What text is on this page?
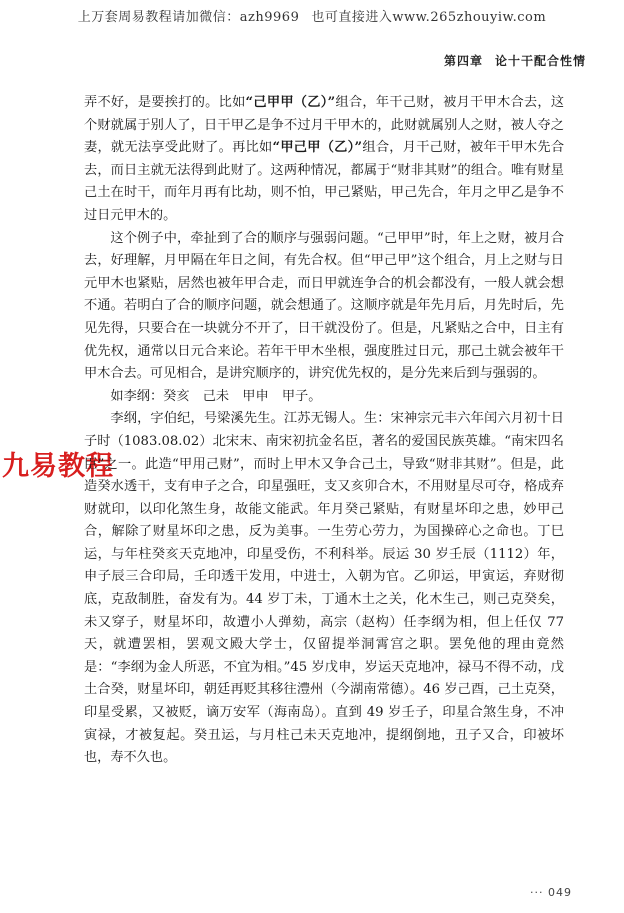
上万套周易教程请加微信：azh9969 也可直接进入www.265zhouyiw.com
第四章 论十干配合性情
九易教程

弄不好，是要挨打的。比如“己甲甲（乙）”组合，年干己财，被月干甲木合去，这个财就属于别人了，日干甲乙是争不过月干甲木的，此财就属别人之财，被人夺之妻，就无法享受此财了。再比如“甲己甲（乙）”组合，月干己财，被年干甲木先合去，而日主就无法得到此财了。这两种情况，都属于“财非其财”的组合。唯有财星己土在时干，而年月再有比劫，则不怕，甲己紧贴，甲己先合，年月之甲乙是争不过日元甲木的。

这个例子中，牵扯到了合的顺序与强弱问题。“己甲甲”时，年上之财，被月合去，好理解，月甲隔在年日之间，有先合权。但“甲己甲”这个组合，月上之财与日元甲木也紧贴，居然也被年甲合走，而日甲就连争合的机会都没有，一般人就会想不通。若明白了合的顺序问题，就会想通了。这顺序就是年先月后，月先时后，先见先得，只要合在一块就分不开了，日干就没份了。但是，凡紧贴之合中，日主有优先权，通常以日元合来论。若年干甲木坐根，强度胜过日元，那己土就会被年干甲木合去。可见相合，是讲究顺序的，讲究优先权的，是分先来后到与强弱的。

如李纲：癸亥　己未　甲申　甲子。

李纲，字伯纪，号梁溪先生。江苏无锡人。生：宋神宗元丰六年闰六月初十日子时（1083.08.02）北宋末、南宋初抗金名臣，著名的爱国民族英雄。“南宋四名臣”之一。此造“甲用己财”，而时上甲木又争合己土，导致“财非其财”。但是，此造癸水透干，支有申子之合，印星强旺，支又亥卯合木，不用财星尽可夺，格成弃财就印，以印化煞生身，故能文能武。年月癸己紧贴，有财星坏印之患，妙甲己合，解除了财星坏印之患，反为美事。一生劳心劳力，为国操碎心之命也。丁巳运，与年柱癸亥天克地冲，印星受伤，不利科举。辰运 30 岁壬辰（1112）年，申子辰三合印局，壬印透干发用，中进士，入朝为官。乙卯运，甲寅运，弃财彻底，克敌制胜，奋发有为。44 岁丁未，丁通木土之关，化木生己，则己克癸矣，未又穿子，财星坏印，故遭小人弹劾，高宗（赵构）任李纲为相，但上任仅 77 天，就遭罢相，罢观文殿大学士，仅留提举洞霄宫之职。罢免他的理由竟然是：“李纲为金人所恶，不宜为相。”45 岁戊申，岁运天克地冲，禄马不得不动，戊土合癸，财星坏印，朝廷再贬其移往澧州（今湖南常德）。46 岁己酉，己土克癸，印星受累，又被贬，谪万安军（海南岛）。直到 49 岁壬子，印星合煞生身，不冲寅禄，才被复起。癸丑运，与月柱己未天克地冲，提纲倒地，丑子又合，印被坏也，寿不久也。

··· 049
